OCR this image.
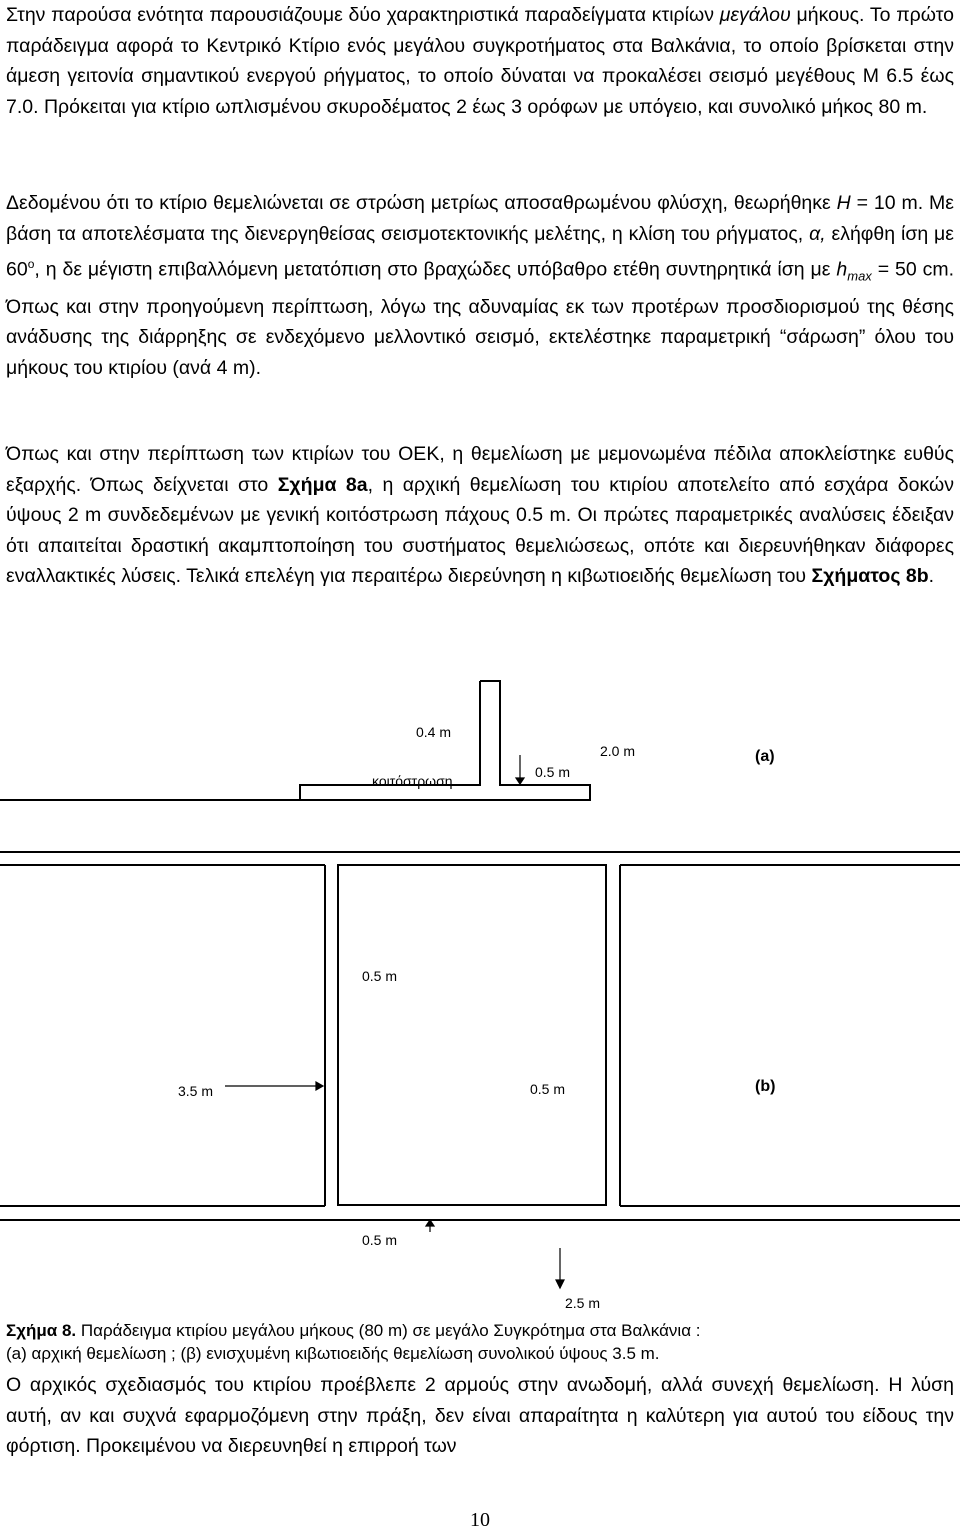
Στην παρούσα ενότητα παρουσιάζουμε δύο χαρακτηριστικά παραδείγματα κτιρίων μεγάλου μήκους. Το πρώτο παράδειγμα αφορά το Κεντρικό Κτίριο ενός μεγάλου συγκροτήματος στα Βαλκάνια, το οποίο βρίσκεται στην άμεση γειτονία σημαντικού ενεργού ρήγματος, το οποίο δύναται να προκαλέσει σεισμό μεγέθους Μ 6.5 έως 7.0. Πρόκειται για κτίριο ωπλισμένου σκυροδέματος 2 έως 3 ορόφων με υπόγειο, και συνολικό μήκος 80 m.

Δεδομένου ότι το κτίριο θεμελιώνεται σε στρώση μετρίως αποσαθρωμένου φλύσχη, θεωρήθηκε H = 10 m. Με βάση τα αποτελέσματα της διενεργηθείσας σεισμοτεκτονικής μελέτης, η κλίση του ρήγματος, α, ελήφθη ίση με $60^o$, η δε μέγιστη επιβαλλόμενη μετατόπιση στο βραχώδες υπόβαθρο ετέθη συντηρητικά ίση με $h_{max} = 50$ cm. Όπως και στην προηγούμενη περίπτωση, λόγω της αδυναμίας εκ των προτέρων προσδιορισμού της θέσης ανάδυσης της διάρρηξης σε ενδεχόμενο μελλοντικό σεισμό, εκτελέστηκε παραμετρική “σάρωση” όλου του μήκους του κτιρίου (ανά 4 m).

Όπως και στην περίπτωση των κτιρίων του ΟΕΚ, η θεμελίωση με μεμονωμένα πέδιλα αποκλείστηκε ευθύς εξαρχής. Όπως δείχνεται στο Σχήμα 8a, η αρχική θεμελίωση του κτιρίου αποτελείτο από εσχάρα δοκών ύψους 2 m συνδεδεμένων με γενική κοιτόστρωση πάχους 0.5 m. Οι πρώτες παραμετρικές αναλύσεις έδειξαν ότι απαιτείται δραστική ακαμπτοποίηση του συστήματος θεμελιώσεως, οπότε και διερευνήθηκαν διάφορες εναλλακτικές λύσεις. Τελικά επελέγη για περαιτέρω διερεύνηση η κιβωτιοειδής θεμελίωση του Σχήματος 8b.

Σχήμα 8. Παράδειγμα κτιρίου μεγάλου μήκους (80 m) σε μεγάλο Συγκρότημα στα Βαλκάνια :
(a) αρχική θεμελίωση ; (β) ενισχυμένη κιβωτιοειδής θεμελίωση συνολικού ύψους 3.5 m.

Ο αρχικός σχεδιασμός του κτιρίου προέβλεπε 2 αρμούς στην ανωδομή, αλλά συνεχή θεμελίωση. Η λύση αυτή, αν και συχνά εφαρμοζόμενη στην πράξη, δεν είναι απαραίτητα η καλύτερη για αυτού του είδους την φόρτιση. Προκειμένου να διερευνηθεί η επιρροή των

0.4 m
2.0 m
0.5 m
κοιτόστρωση
(a)
0.5 m
3.5 m	0.5 m
0.5 m
2.5 m
(b)
10
